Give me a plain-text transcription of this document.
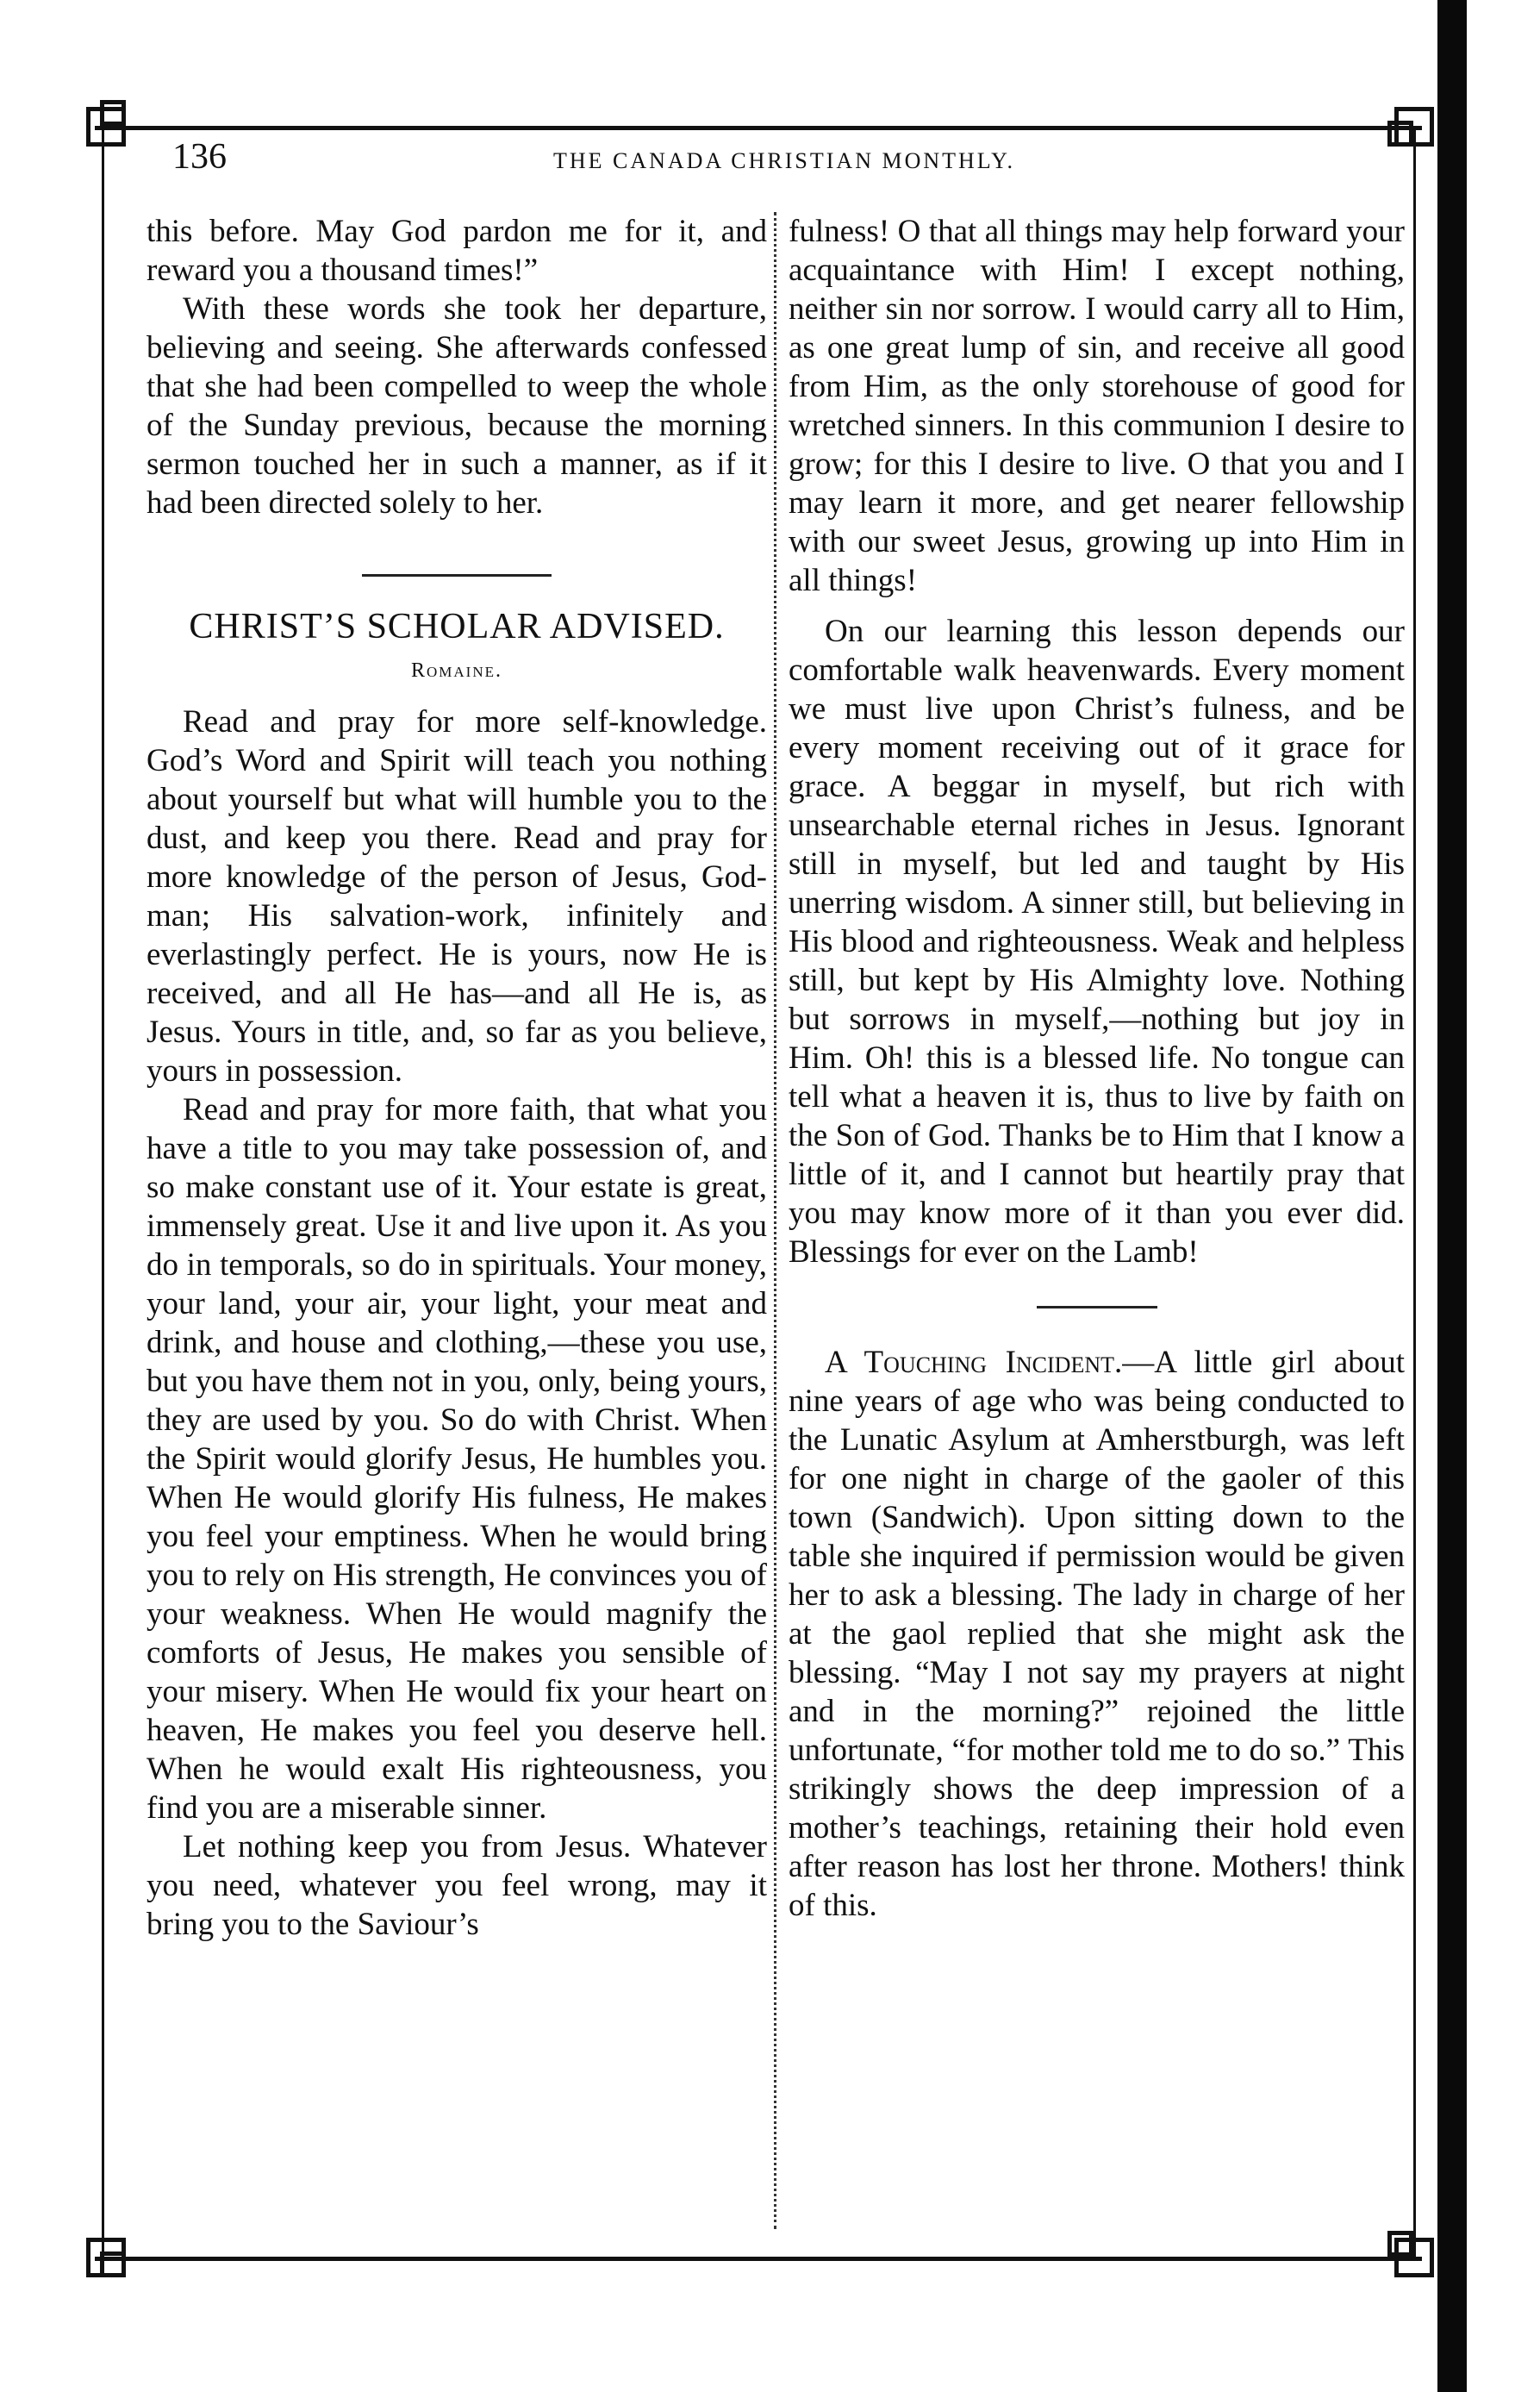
136	THE CANADA CHRISTIAN MONTHLY.

this before. May God pardon me for it, and reward you a thousand times!”

With these words she took her departure, believing and seeing. She afterwards confessed that she had been compelled to weep the whole of the Sunday previous, because the morning sermon touched her in such a manner, as if it had been directed solely to her.

CHRIST’S SCHOLAR ADVISED.
Romaine.

Read and pray for more self-knowledge. God’s Word and Spirit will teach you nothing about yourself but what will humble you to the dust, and keep you there. Read and pray for more knowledge of the person of Jesus, God-man; His salvation-work, infinitely and everlastingly perfect. He is yours, now He is received, and all He has—and all He is, as Jesus. Yours in title, and, so far as you believe, yours in possession.

Read and pray for more faith, that what you have a title to you may take possession of, and so make constant use of it. Your estate is great, immensely great. Use it and live upon it. As you do in temporals, so do in spirituals. Your money, your land, your air, your light, your meat and drink, and house and clothing,—these you use, but you have them not in you, only, being yours, they are used by you. So do with Christ. When the Spirit would glorify Jesus, He humbles you. When He would glorify His fulness, He makes you feel your emptiness. When he would bring you to rely on His strength, He convinces you of your weakness. When He would magnify the comforts of Jesus, He makes you sensible of your misery. When He would fix your heart on heaven, He makes you feel you deserve hell. When he would exalt His righteousness, you find you are a miserable sinner.

Let nothing keep you from Jesus. Whatever you need, whatever you feel wrong, may it bring you to the Saviour’s

fulness! O that all things may help forward your acquaintance with Him! I except nothing, neither sin nor sorrow. I would carry all to Him, as one great lump of sin, and receive all good from Him, as the only storehouse of good for wretched sinners. In this communion I desire to grow; for this I desire to live. O that you and I may learn it more, and get nearer fellowship with our sweet Jesus, growing up into Him in all things!

On our learning this lesson depends our comfortable walk heavenwards. Every moment we must live upon Christ’s fulness, and be every moment receiving out of it grace for grace. A beggar in myself, but rich with unsearchable eternal riches in Jesus. Ignorant still in myself, but led and taught by His unerring wisdom. A sinner still, but believing in His blood and righteousness. Weak and helpless still, but kept by His Almighty love. Nothing but sorrows in myself,—nothing but joy in Him. Oh! this is a blessed life. No tongue can tell what a heaven it is, thus to live by faith on the Son of God. Thanks be to Him that I know a little of it, and I cannot but heartily pray that you may know more of it than you ever did. Blessings for ever on the Lamb!

A Touching Incident.—A little girl about nine years of age who was being conducted to the Lunatic Asylum at Amherstburgh, was left for one night in charge of the gaoler of this town (Sandwich). Upon sitting down to the table she inquired if permission would be given her to ask a blessing. The lady in charge of her at the gaol replied that she might ask the blessing. “May I not say my prayers at night and in the morning?” rejoined the little unfortunate, “for mother told me to do so.” This strikingly shows the deep impression of a mother’s teachings, retaining their hold even after reason has lost her throne. Mothers! think of this.
